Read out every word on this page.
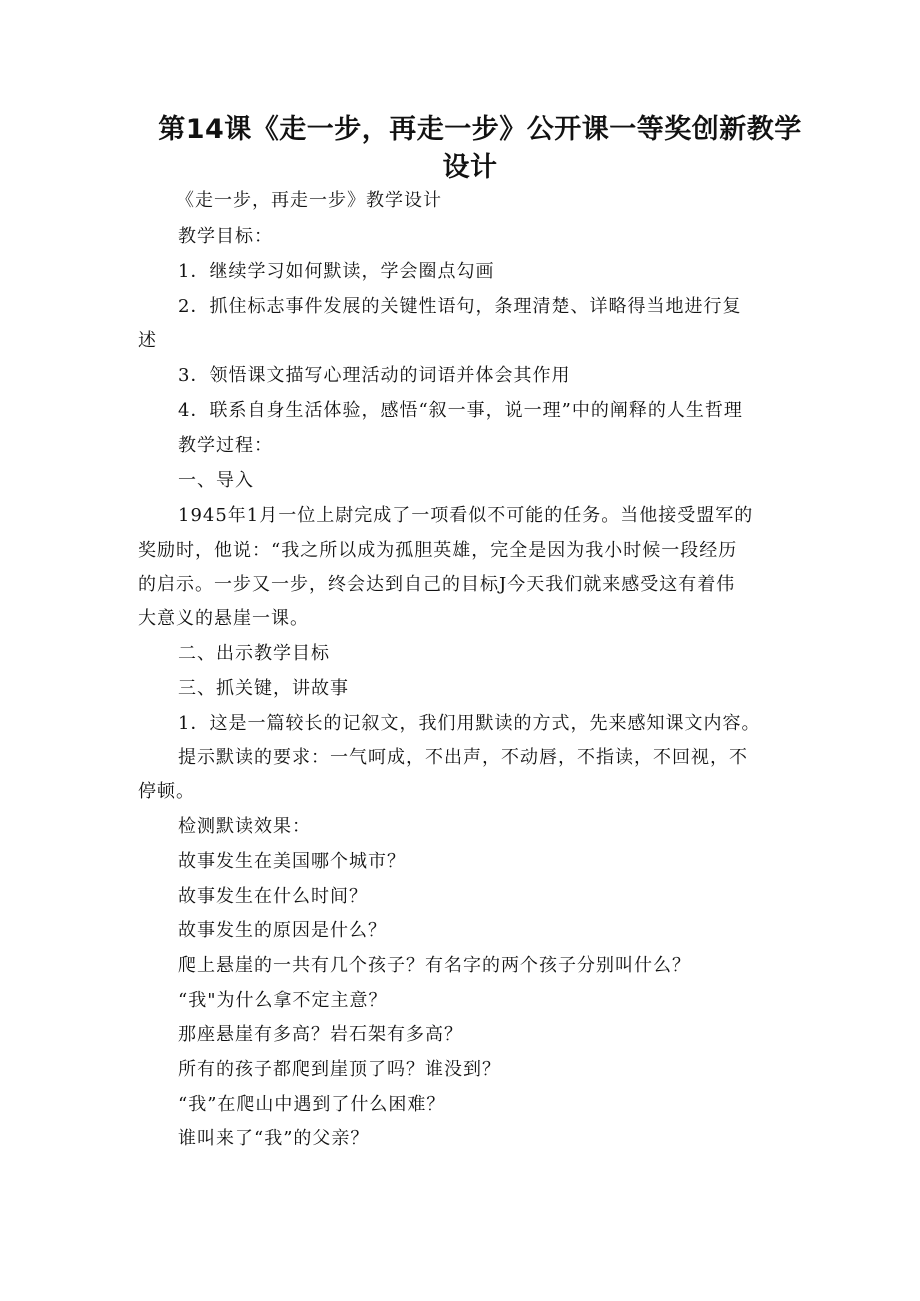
第14课《走一步，再走一步》公开课一等奖创新教学
设计
《走一步，再走一步》教学设计
教学目标：
1．继续学习如何默读，学会圈点勾画
2．抓住标志事件发展的关键性语句，条理清楚、详略得当地进行复
述
3．领悟课文描写心理活动的词语并体会其作用
4．联系自身生活体验，感悟“叙一事，说一理”中的阐释的人生哲理
教学过程：
一、导入
1945年1月一位上尉完成了一项看似不可能的任务。当他接受盟军的
奖励时，他说：“我之所以成为孤胆英雄，完全是因为我小时候一段经历
的启示。一步又一步，终会达到自己的目标J今天我们就来感受这有着伟
大意义的悬崖一课。
二、出示教学目标
三、抓关键，讲故事
1．这是一篇较长的记叙文，我们用默读的方式，先来感知课文内容。
提示默读的要求：一气呵成，不出声，不动唇，不指读，不回视，不
停顿。
检测默读效果：
故事发生在美国哪个城市？
故事发生在什么时间？
故事发生的原因是什么？
爬上悬崖的一共有几个孩子？有名字的两个孩子分别叫什么？
“我"为什么拿不定主意？
那座悬崖有多高？岩石架有多高？
所有的孩子都爬到崖顶了吗？谁没到？
“我”在爬山中遇到了什么困难？
谁叫来了“我”的父亲？
